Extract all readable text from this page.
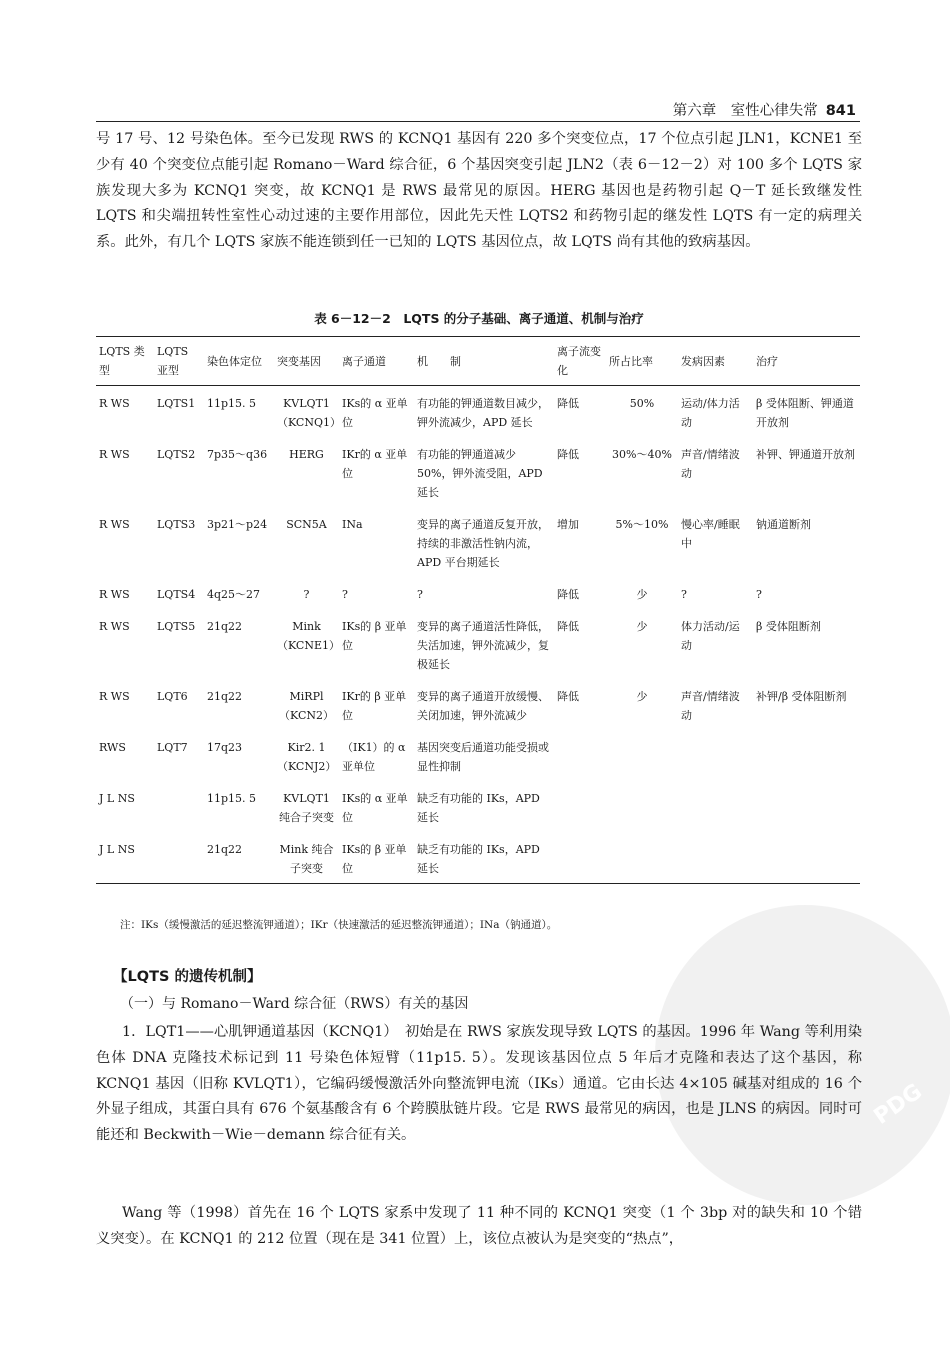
PDG
第六章　室性心律失常 841

号 17 号、12 号染色体。至今已发现 RWS 的 KCNQ1 基因有 220 多个突变位点，17 个位点引起 JLN1，KCNE1 至少有 40 个突变位点能引起 Romano－Ward 综合征，6 个基因突变引起 JLN2（表 6－12－2）对 100 多个 LQTS 家族发现大多为 KCNQ1 突变，故 KCNQ1 是 RWS 最常见的原因。HERG 基因也是药物引起 Q－T 延长致继发性 LQTS 和尖端扭转性室性心动过速的主要作用部位，因此先天性 LQTS2 和药物引起的继发性 LQTS 有一定的病理关系。此外，有几个 LQTS 家族不能连锁到任一已知的 LQTS 基因位点，故 LQTS 尚有其他的致病基因。

表 6－12－2　LQTS 的分子基础、离子通道、机制与治疗
LQTS 类型	LQTS 亚型	染色体定位	突变基因	离子通道	机　　制	离子流变化	所占比率	发病因素	治疗
R WS	LQTS1	11p15. 5	KVLQT1 （KCNQ1）	IKs的 α 亚单位	有功能的钾通道数目减少，钾外流减少，APD 延长	降低	50%	运动/体力活动	β 受体阻断、钾通道开放剂
R WS	LQTS2	7p35～q36	HERG	IKr的 α 亚单位	有功能的钾通道减少 50%，钾外流受阻，APD 延长	降低	30%～40%	声音/情绪波动	补钾、钾通道开放剂
R WS	LQTS3	3p21～p24	SCN5A	INa	变异的离子通道反复开放，持续的非激活性钠内流，APD 平台期延长	增加	5%～10%	慢心率/睡眠中	钠通道断剂
R WS	LQTS4	4q25～27	?	?	?	降低	少	?	?
R WS	LQTS5	21q22	Mink （KCNE1）	IKs的 β 亚单位	变异的离子通道活性降低，失活加速，钾外流减少，复极延长	降低	少	体力活动/运动	β 受体阻断剂
R WS	LQT6	21q22	MiRPl （KCN2）	IKr的 β 亚单位	变异的离子通道开放缓慢、关闭加速，钾外流减少	降低	少	声音/情绪波动	补钾/β 受体阻断剂
RWS	LQT7	17q23	Kir2. 1 （KCNJ2）	（IK1）的 α 亚单位	基因突变后通道功能受损或显性抑制				
J L NS		11p15. 5	KVLQT1 纯合子突变	IKs的 α 亚单位	缺乏有功能的 IKs，APD 延长				
J L NS		21q22	Mink 纯合子突变	IKs的 β 亚单位	缺乏有功能的 IKs，APD 延长				
注：IKs（缓慢激活的延迟整流钾通道）；IKr（快速激活的延迟整流钾通道）；INa（钠通道）。
【LQTS 的遗传机制】
（一）与 Romano－Ward 综合征（RWS）有关的基因

1．LQT1——心肌钾通道基因（KCNQ1）　初始是在 RWS 家族发现导致 LQTS 的基因。1996 年 Wang 等利用染色体 DNA 克隆技术标记到 11 号染色体短臂（11p15. 5）。发现该基因位点 5 年后才克隆和表达了这个基因，称 KCNQ1 基因（旧称 KVLQT1），它编码缓慢激活外向整流钾电流（IKs）通道。它由长达 4×105 碱基对组成的 16 个外显子组成，其蛋白具有 676 个氨基酸含有 6 个跨膜肽链片段。它是 RWS 最常见的病因，也是 JLNS 的病因。同时可能还和 Beckwith－Wie－demann 综合征有关。

Wang 等（1998）首先在 16 个 LQTS 家系中发现了 11 种不同的 KCNQ1 突变（1 个 3bp 对的缺失和 10 个错义突变）。在 KCNQ1 的 212 位置（现在是 341 位置）上，该位点被认为是突变的“热点”，
